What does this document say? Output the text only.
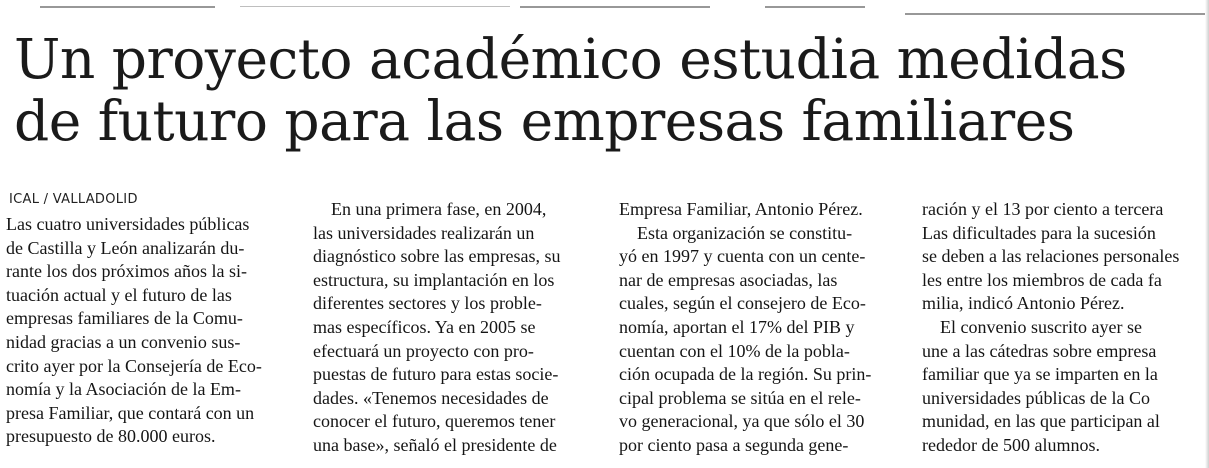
Un proyecto académico estudia medidas
de futuro para las empresas familiares
ICAL / VALLADOLID
Las cuatro universidades públicas
de Castilla y León analizarán du-
rante los dos próximos años la si-
tuación actual y el futuro de las
empresas familiares de la Comu-
nidad gracias a un convenio sus-
crito ayer por la Consejería de Eco-
nomía y la Asociación de la Em-
presa Familiar, que contará con un
presupuesto de 80.000 euros.
En una primera fase, en 2004,
las universidades realizarán un
diagnóstico sobre las empresas, su
estructura, su implantación en los
diferentes sectores y los proble-
mas específicos. Ya en 2005 se
efectuará un proyecto con pro-
puestas de futuro para estas socie-
dades. «Tenemos necesidades de
conocer el futuro, queremos tener
una base», señaló el presidente de
Empresa Familiar, Antonio Pérez.
Esta organización se constitu-
yó en 1997 y cuenta con un cente-
nar de empresas asociadas, las
cuales, según el consejero de Eco-
nomía, aportan el 17% del PIB y
cuentan con el 10% de la pobla-
ción ocupada de la región. Su prin-
cipal problema se sitúa en el rele-
vo generacional, ya que sólo el 30
por ciento pasa a segunda gene-
ración y el 13 por ciento a tercera
Las dificultades para la sucesión
se deben a las relaciones personales
les entre los miembros de cada fa
milia, indicó Antonio Pérez.
El convenio suscrito ayer se
une a las cátedras sobre empresa
familiar que ya se imparten en la
universidades públicas de la Co
munidad, en las que participan al
rededor de 500 alumnos.
